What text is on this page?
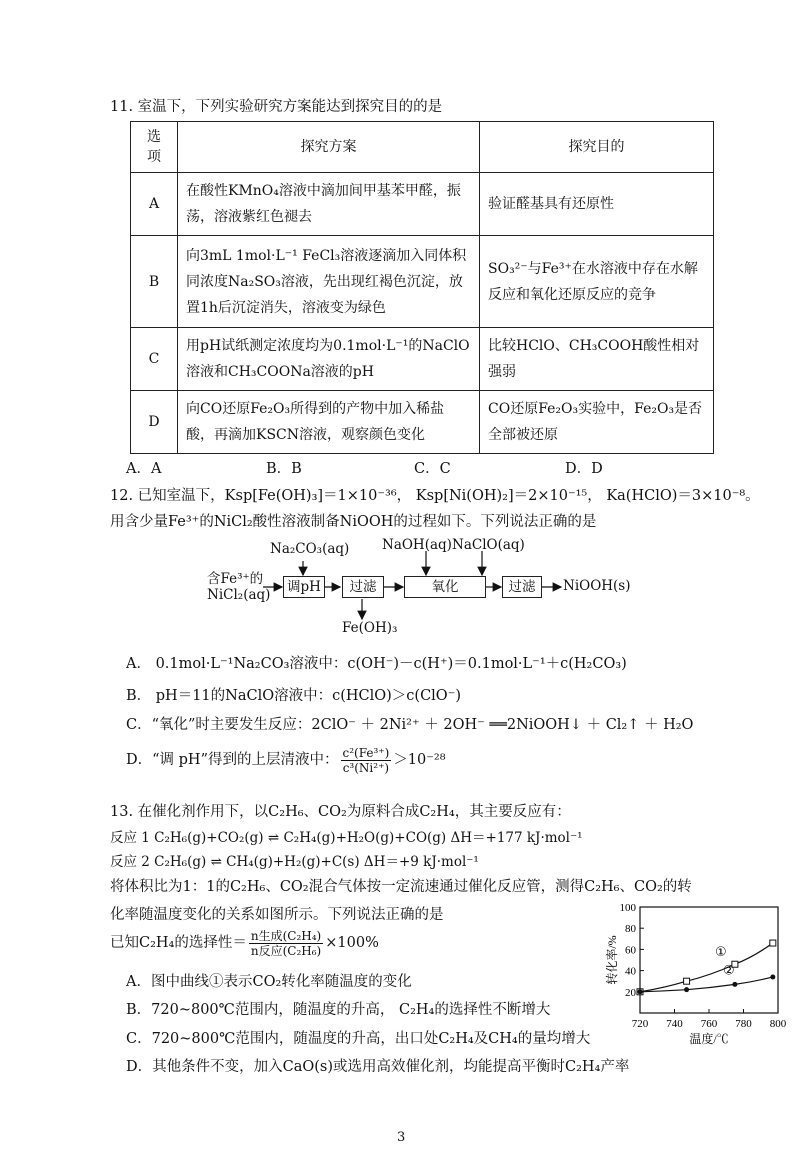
11. 室温下，下列实验研究方案能达到探究目的的是
选
项	探究方案	探究目的
A	在酸性KMnO₄溶液中滴加间甲基苯甲醛，振荡，溶液紫红色褪去	验证醛基具有还原性
B	向3mL 1mol·L⁻¹ FeCl₃溶液逐滴加入同体积同浓度Na₂SO₃溶液，先出现红褐色沉淀，放置1h后沉淀消失，溶液变为绿色	SO₃²⁻与Fe³⁺在水溶液中存在水解反应和氧化还原反应的竞争
C	用pH试纸测定浓度均为0.1mol·L⁻¹的NaClO溶液和CH₃COONa溶液的pH	比较HClO、CH₃COOH酸性相对强弱
D	向CO还原Fe₂O₃所得到的产物中加入稀盐酸，再滴加KSCN溶液，观察颜色变化	CO还原Fe₂O₃实验中，Fe₂O₃是否全部被还原
A．A	B．B	C．C	D．D
12. 已知室温下，Ksp[Fe(OH)₃]＝1×10⁻³⁶， Ksp[Ni(OH)₂]＝2×10⁻¹⁵， Ka(HClO)＝3×10⁻⁸。
用含少量Fe³⁺的NiCl₂酸性溶液制备NiOOH的过程如下。下列说法正确的是
含Fe³⁺的
NiCl₂(aq)
Na₂CO₃(aq)
调pH	过滤
NaOH(aq) NaClO(aq)
氧化	过滤	NiOOH(s)
Fe(OH)₃
A． 0.1mol·L⁻¹Na₂CO₃溶液中：c(OH⁻)－c(H⁺)＝0.1mol·L⁻¹＋c(H₂CO₃)
B． pH＝11的NaClO溶液中：c(HClO)＞c(ClO⁻)
C．“氧化”时主要发生反应：2ClO⁻ ＋ 2Ni²⁺ ＋ 2OH⁻ ══2NiOOH↓ ＋ Cl₂↑ ＋ H₂O
D．“调 pH”得到的上层清液中： $\frac{\text{c²(Fe³⁺)}}{\text{c³(Ni²⁺)}} >10^{-28}$
13. 在催化剂作用下，以C₂H₆、CO₂为原料合成C₂H₄，其主要反应有：
反应 1 C₂H₆(g)+CO₂(g) ⇌ C₂H₄(g)+H₂O(g)+CO(g) ΔH＝+177 kJ·mol⁻¹
反应 2 C₂H₆(g) ⇌ CH₄(g)+H₂(g)+C(s) ΔH＝+9 kJ·mol⁻¹
将体积比为1：1的C₂H₆、CO₂混合气体按一定流速通过催化反应管，测得C₂H₆、CO₂的转
化率随温度变化的关系如图所示。下列说法正确的是
已知C₂H₄的选择性＝ $\frac{\text{n生成(C₂H₄)}}{\text{n反应(C₂H₆)}} \times 100\%$
A．图中曲线①表示CO₂转化率随温度的变化
B．720~800℃范围内，随温度的升高， C₂H₄的选择性不断增大
C．720~800℃范围内，随温度的升高，出口处C₂H₄及CH₄的量均增大
D．其他条件不变，加入CaO(s)或选用高效催化剂，均能提高平衡时C₂H₄产率
20
40
60
80
100
720 740 760 780 800
温度/℃
转化率/%	①
②
3
